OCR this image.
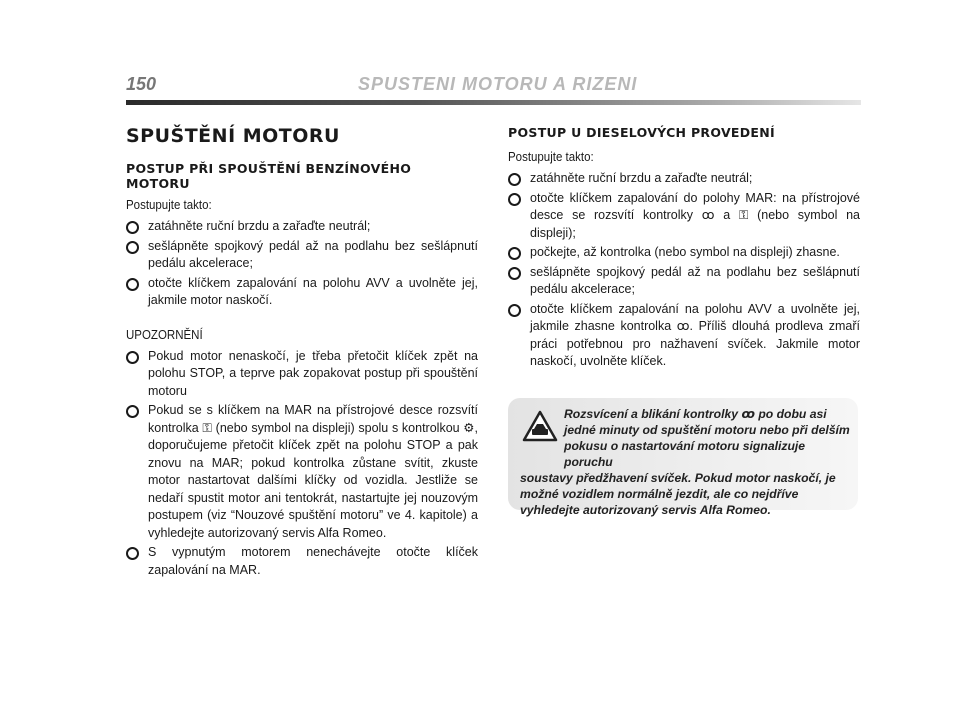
150	SPUSTENI MOTORU A RIZENI
SPUŠTĚNÍ MOTORU
POSTUP PŘI SPOUŠTĚNÍ BENZÍNOVÉHO MOTORU
Postupujte takto:
zatáhněte ruční brzdu a zařaďte neutrál;
sešlápněte spojkový pedál až na podlahu bez sešlápnutí pedálu akcelerace;
otočte klíčkem zapalování na polohu AVV a uvolněte jej, jakmile motor naskočí.
UPOZORNĚNÍ
Pokud motor nenaskočí, je třeba přetočit klíček zpět na polohu STOP, a teprve pak zopakovat postup při spouštění motoru
Pokud se s klíčkem na MAR na přístrojové desce rozsvítí kontrolka ⚿ (nebo symbol na displeji) spolu s kontrolkou ⚙, doporučujeme přetočit klíček zpět na polohu STOP a pak znovu na MAR; pokud kontrolka zůstane svítit, zkuste motor nastartovat dalšími klíčky od vozidla. Jestliže se nedaří spustit motor ani tentokrát, nastartujte jej nouzovým postupem (viz “Nouzové spuštění motoru” ve 4. kapitole) a vyhledejte autorizovaný servis Alfa Romeo.
S vypnutým motorem nenechávejte otočte klíček zapalování na MAR.
POSTUP U DIESELOVÝCH PROVEDENÍ
Postupujte takto:
zatáhněte ruční brzdu a zařaďte neutrál;
otočte klíčkem zapalování do polohy MAR: na přístrojové desce se rozsvítí kontrolky ꝏ a ⚿ (nebo symbol na displeji);
počkejte, až kontrolka (nebo symbol na displeji) zhasne.
sešlápněte spojkový pedál až na podlahu bez sešlápnutí pedálu akcelerace;
otočte klíčkem zapalování na polohu AVV a uvolněte jej, jakmile zhasne kontrolka ꝏ. Příliš dlouhá prodleva zmaří práci potřebnou pro nažhavení svíček. Jakmile motor naskočí, uvolněte klíček.
Rozsvícení a blikání kontrolky ꝏ po dobu asi jedné minuty od spuštění motoru nebo při delším pokusu o nastartování motoru signalizuje poruchu
soustavy předžhavení svíček. Pokud motor naskočí, je možné vozidlem normálně jezdit, ale co nejdříve vyhledejte autorizovaný servis Alfa Romeo.
